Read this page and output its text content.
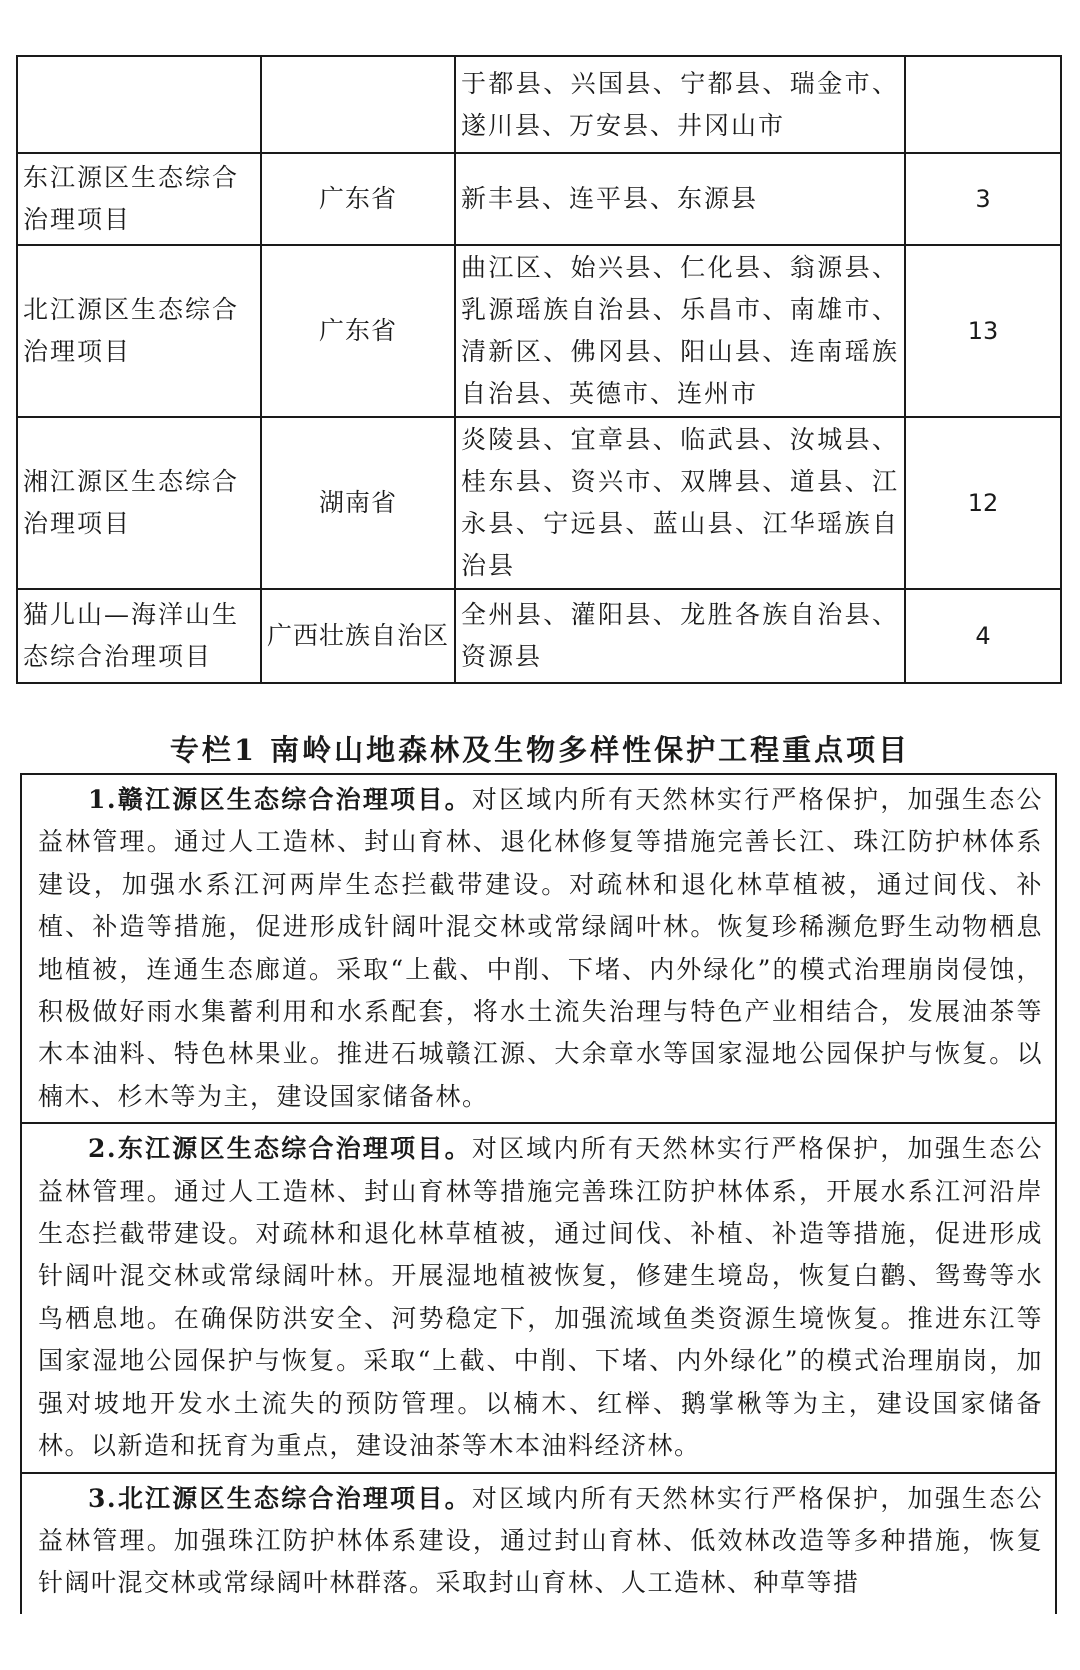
		于都县、兴国县、宁都县、瑞金市、遂川县、万安县、井冈山市	
东江源区生态综合治理项目	广东省	新丰县、连平县、东源县	3
北江源区生态综合治理项目	广东省	曲江区、始兴县、仁化县、翁源县、乳源瑶族自治县、乐昌市、南雄市、清新区、佛冈县、阳山县、连南瑶族自治县、英德市、连州市	13
湘江源区生态综合治理项目	湖南省	炎陵县、宜章县、临武县、汝城县、桂东县、资兴市、双牌县、道县、江永县、宁远县、蓝山县、江华瑶族自治县	12
猫儿山—海洋山生态综合治理项目	广西壮族自治区	全州县、灌阳县、龙胜各族自治县、资源县	4
专栏1 南岭山地森林及生物多样性保护工程重点项目
1.赣江源区生态综合治理项目。对区域内所有天然林实行严格保护，加强生态公益林管理。通过人工造林、封山育林、退化林修复等措施完善长江、珠江防护林体系建设，加强水系江河两岸生态拦截带建设。对疏林和退化林草植被，通过间伐、补植、补造等措施，促进形成针阔叶混交林或常绿阔叶林。恢复珍稀濒危野生动物栖息地植被，连通生态廊道。采取“上截、中削、下堵、内外绿化”的模式治理崩岗侵蚀，积极做好雨水集蓄利用和水系配套，将水土流失治理与特色产业相结合，发展油茶等木本油料、特色林果业。推进石城赣江源、大余章水等国家湿地公园保护与恢复。以楠木、杉木等为主，建设国家储备林。
2.东江源区生态综合治理项目。对区域内所有天然林实行严格保护，加强生态公益林管理。通过人工造林、封山育林等措施完善珠江防护林体系，开展水系江河沿岸生态拦截带建设。对疏林和退化林草植被，通过间伐、补植、补造等措施，促进形成针阔叶混交林或常绿阔叶林。开展湿地植被恢复，修建生境岛，恢复白鹳、鸳鸯等水鸟栖息地。在确保防洪安全、河势稳定下，加强流域鱼类资源生境恢复。推进东江等国家湿地公园保护与恢复。采取“上截、中削、下堵、内外绿化”的模式治理崩岗，加强对坡地开发水土流失的预防管理。以楠木、红榉、鹅掌楸等为主，建设国家储备林。以新造和抚育为重点，建设油茶等木本油料经济林。
3.北江源区生态综合治理项目。对区域内所有天然林实行严格保护，加强生态公益林管理。加强珠江防护林体系建设，通过封山育林、低效林改造等多种措施，恢复针阔叶混交林或常绿阔叶林群落。采取封山育林、人工造林、种草等措
